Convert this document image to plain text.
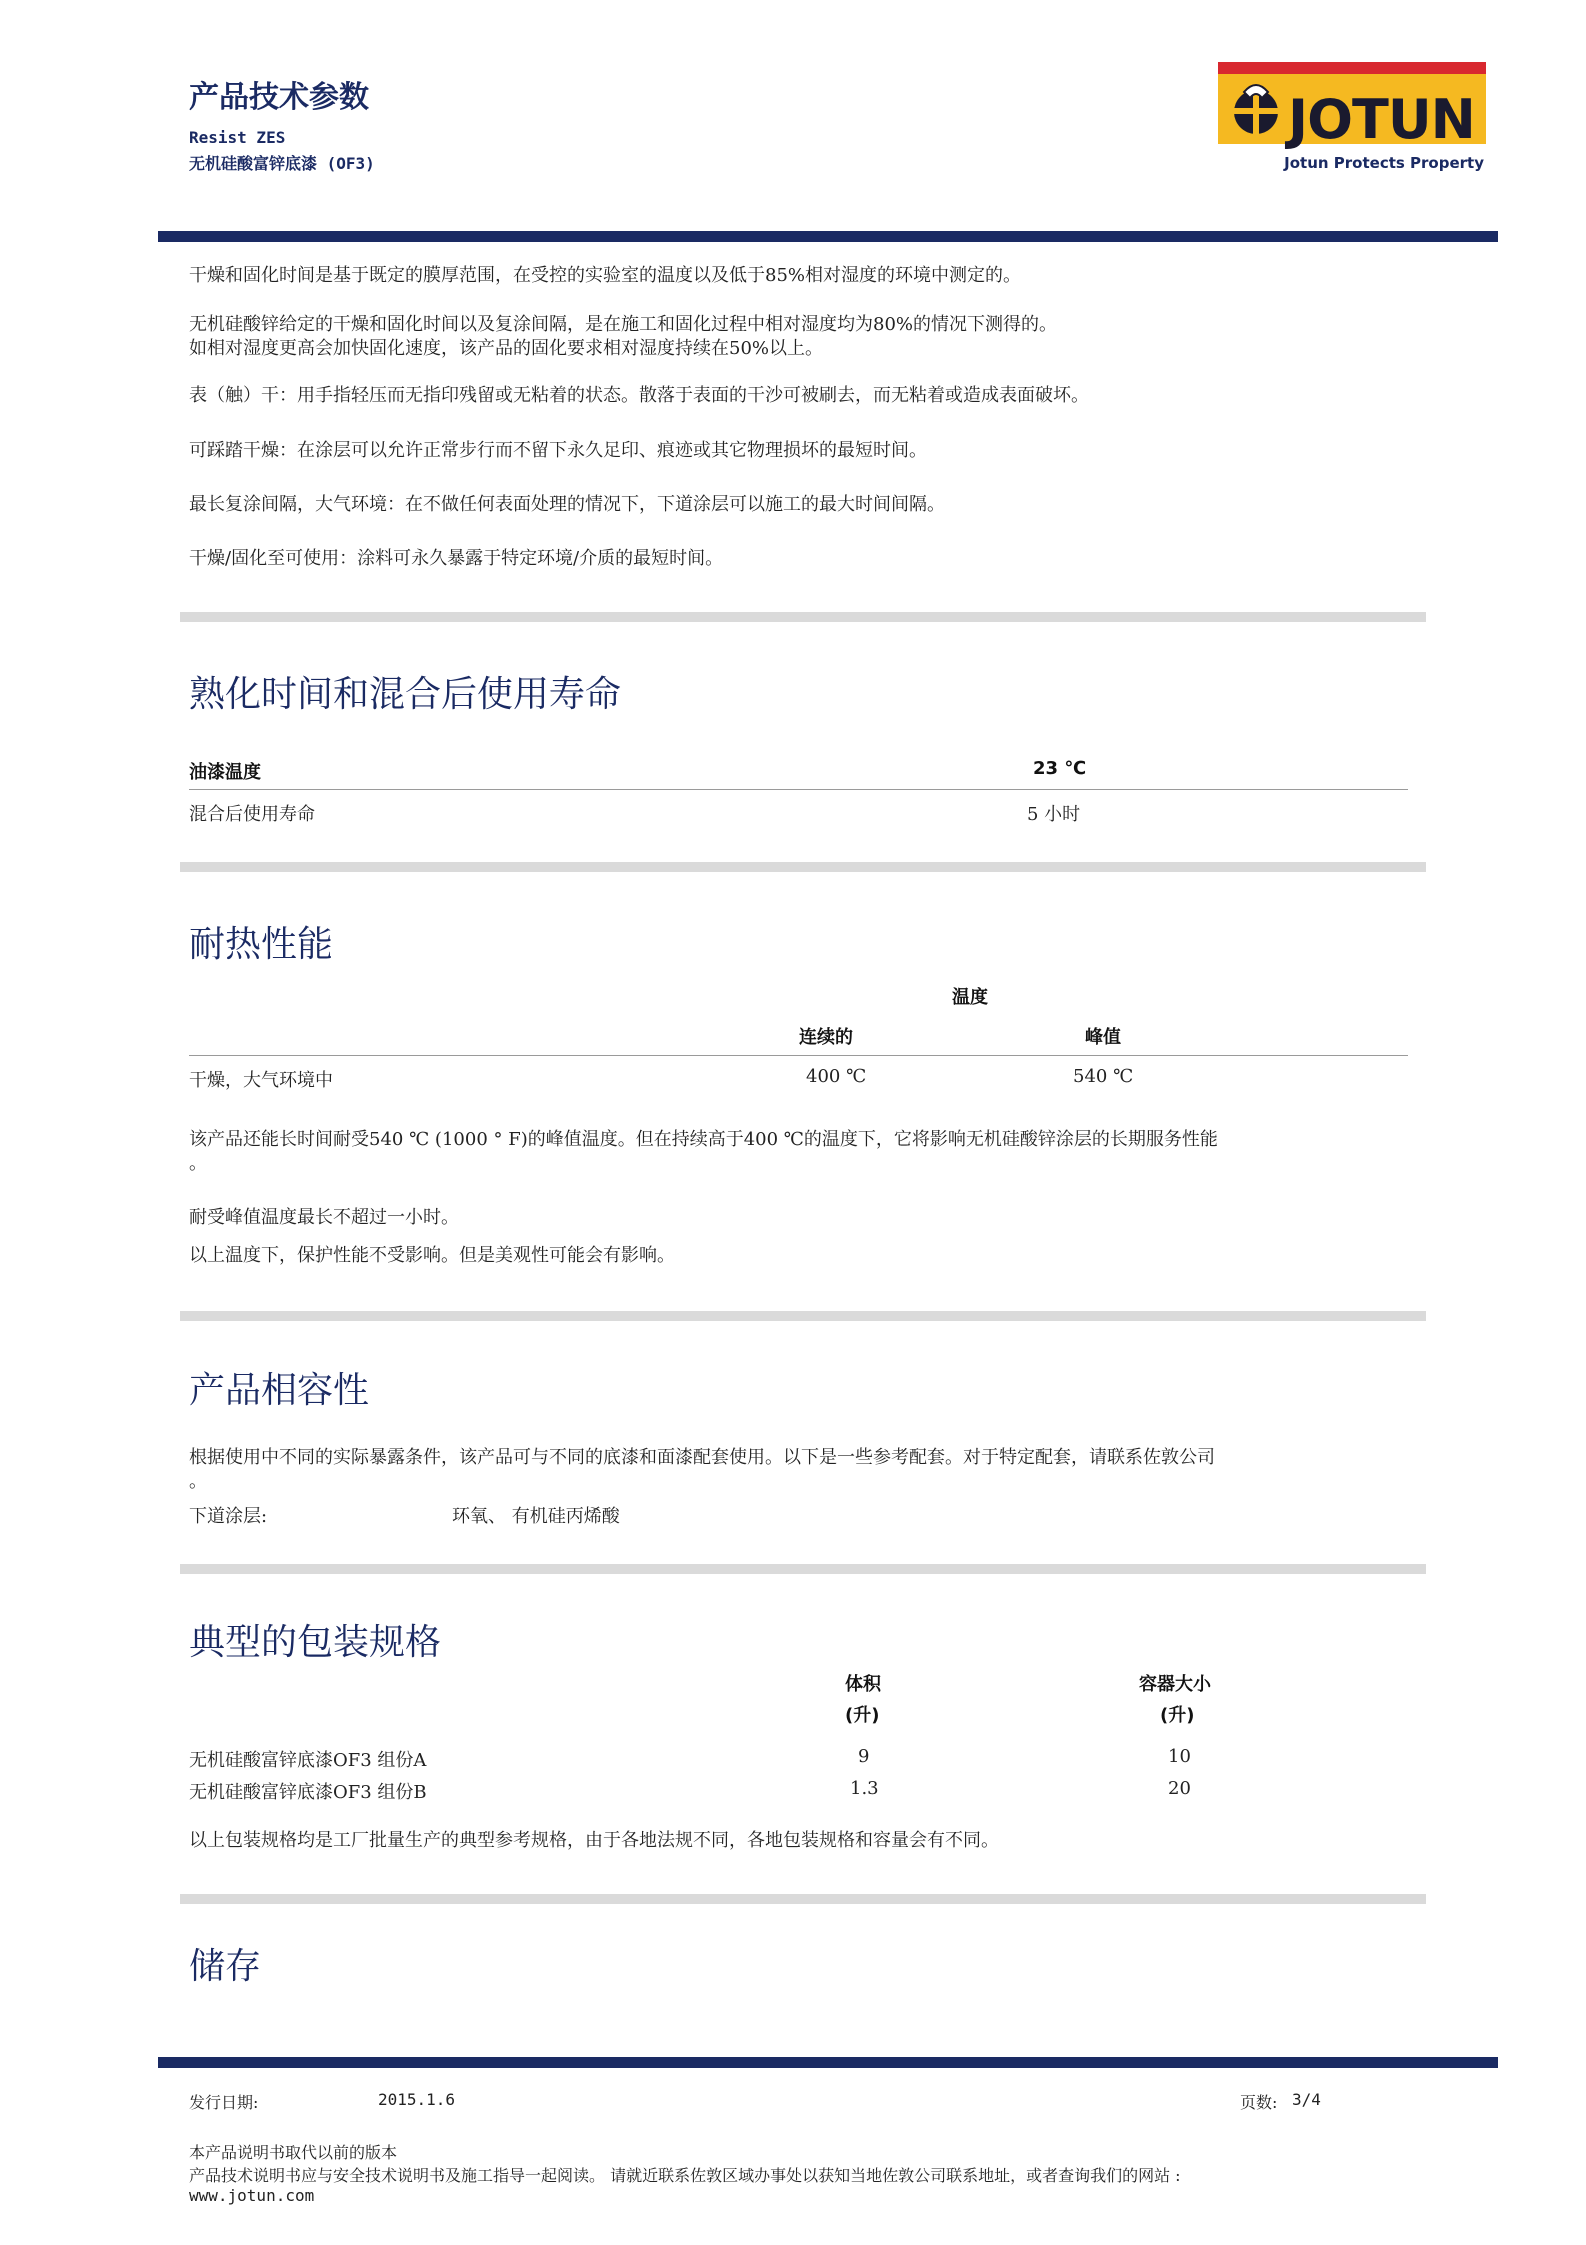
产品技术参数
Resist ZES
无机硅酸富锌底漆 (OF3)
JOTUN
Jotun Protects Property
干燥和固化时间是基于既定的膜厚范围，在受控的实验室的温度以及低于85%相对湿度的环境中测定的。
无机硅酸锌给定的干燥和固化时间以及复涂间隔，是在施工和固化过程中相对湿度均为80%的情况下测得的。
如相对湿度更高会加快固化速度，该产品的固化要求相对湿度持续在50%以上。
表（触）干：用手指轻压而无指印残留或无粘着的状态。散落于表面的干沙可被刷去，而无粘着或造成表面破坏。
可踩踏干燥：在涂层可以允许正常步行而不留下永久足印、痕迹或其它物理损坏的最短时间。
最长复涂间隔，大气环境：在不做任何表面处理的情况下，下道涂层可以施工的最大时间间隔。
干燥/固化至可使用：涂料可永久暴露于特定环境/介质的最短时间。
熟化时间和混合后使用寿命
油漆温度	23 ℃
混合后使用寿命	5 小时
耐热性能
温度
连续的	峰值
干燥，大气环境中	400 ℃	540 ℃
该产品还能长时间耐受540 ℃ (1000 ° F)的峰值温度。但在持续高于400 ℃的温度下，它将影响无机硅酸锌涂层的长期服务性能
。
耐受峰值温度最长不超过一小时。
以上温度下，保护性能不受影响。但是美观性可能会有影响。
产品相容性
根据使用中不同的实际暴露条件，该产品可与不同的底漆和面漆配套使用。以下是一些参考配套。对于特定配套，请联系佐敦公司
。
下道涂层:	环氧、 有机硅丙烯酸
典型的包装规格
体积
(升)
容器大小
(升)
无机硅酸富锌底漆OF3 组份A	9	10
无机硅酸富锌底漆OF3 组份B	1.3	20
以上包装规格均是工厂批量生产的典型参考规格，由于各地法规不同，各地包装规格和容量会有不同。
储存
发行日期:	2015.1.6	页数: 3/4
本产品说明书取代以前的版本
产品技术说明书应与安全技术说明书及施工指导一起阅读。 请就近联系佐敦区域办事处以获知当地佐敦公司联系地址，或者查询我们的网站 :
www.jotun.com
